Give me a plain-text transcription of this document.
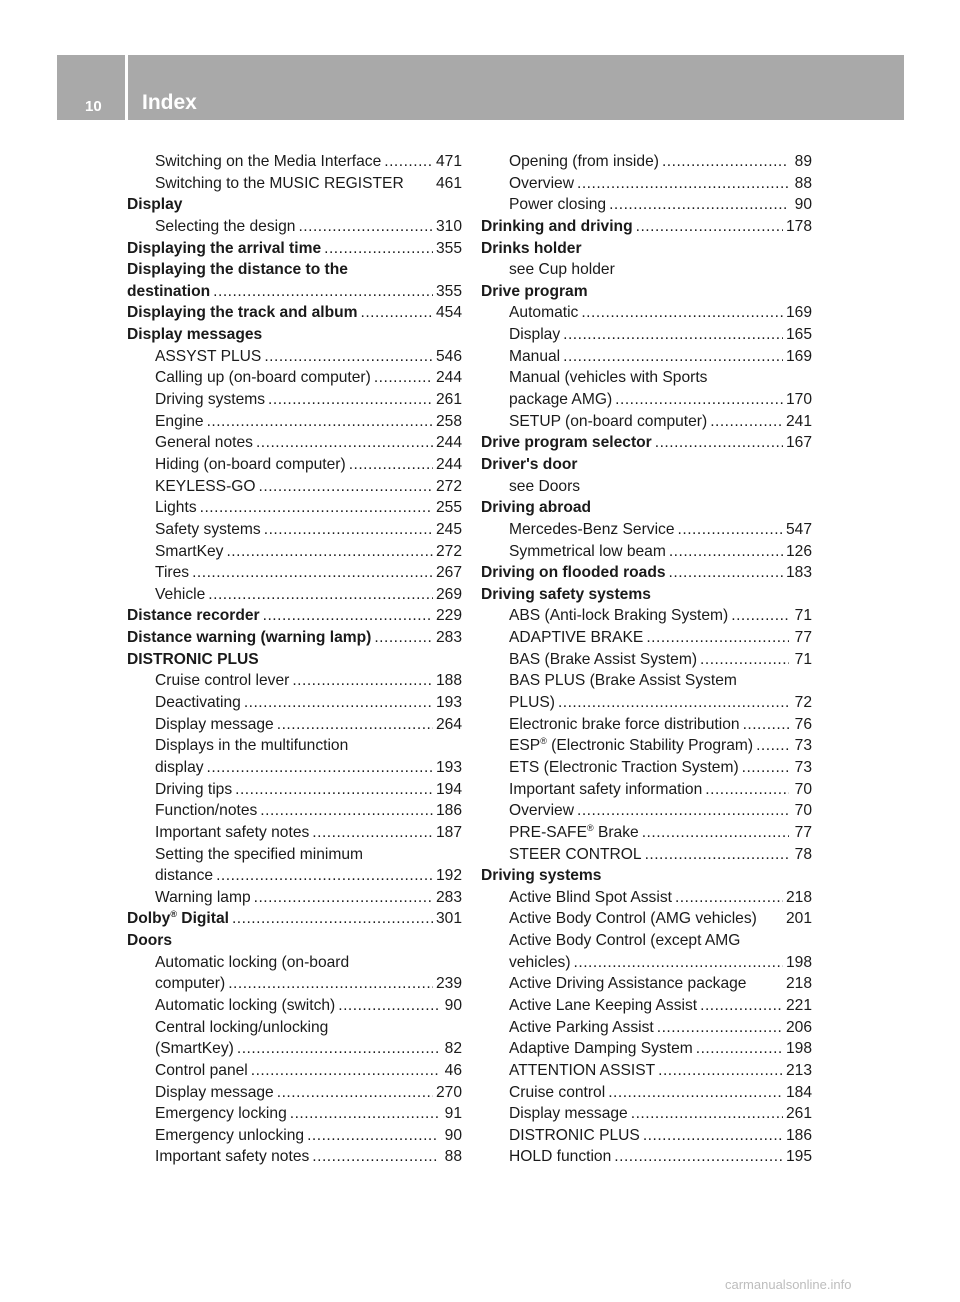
10 Index
Switching on the Media Interface .....	471
Switching to the MUSIC REGISTER 461
Display
Selecting the design .....	310
Displaying the arrival time .....	355
Displaying the distance to the
destination .....	355
Displaying the track and album .....	454
Display messages
ASSYST PLUS .....	546
Calling up (on-board computer) .....	244
Driving systems .....	261
Engine .....	258
General notes .....	244
Hiding (on-board computer) .....	244
KEYLESS-GO .....	272
Lights .....	255
Safety systems .....	245
SmartKey .....	272
Tires .....	267
Vehicle .....	269
Distance recorder .....	229
Distance warning (warning lamp) .....	283
DISTRONIC PLUS
Cruise control lever .....	188
Deactivating .....	193
Display message .....	264
Displays in the multifunction
display .....	193
Driving tips .....	194
Function/notes .....	186
Important safety notes .....	187
Setting the specified minimum
distance .....	192
Warning lamp .....	283
Dolby® Digital .....	301
Doors
Automatic locking (on-board
computer) .....	239
Automatic locking (switch) .....	90
Central locking/unlocking
(SmartKey) .....	82
Control panel .....	46
Display message .....	270
Emergency locking .....	91
Emergency unlocking .....	90
Important safety notes .....	88
Opening (from inside) .....	89
Overview .....	88
Power closing .....	90
Drinking and driving .....	178
Drinks holder
see Cup holder
Drive program
Automatic .....	169
Display .....	165
Manual .....	169
Manual (vehicles with Sports
package AMG) .....	170
SETUP (on-board computer) .....	241
Drive program selector .....	167
Driver's door
see Doors
Driving abroad
Mercedes-Benz Service .....	547
Symmetrical low beam .....	126
Driving on flooded roads .....	183
Driving safety systems
ABS (Anti-lock Braking System) .....	71
ADAPTIVE BRAKE .....	77
BAS (Brake Assist System) .....	71
BAS PLUS (Brake Assist System
PLUS) .....	72
Electronic brake force distribution .....	76
ESP® (Electronic Stability Program) .....	73
ETS (Electronic Traction System) .....	73
Important safety information .....	70
Overview .....	70
PRE-SAFE® Brake .....	77
STEER CONTROL .....	78
Driving systems
Active Blind Spot Assist .....	218
Active Body Control (AMG vehicles) 201
Active Body Control (except AMG
vehicles) .....	198
Active Driving Assistance package	218
Active Lane Keeping Assist .....	221
Active Parking Assist .....	206
Adaptive Damping System .....	198
ATTENTION ASSIST .....	213
Cruise control .....	184
Display message .....	261
DISTRONIC PLUS .....	186
HOLD function .....	195
carmanualsonline.info
